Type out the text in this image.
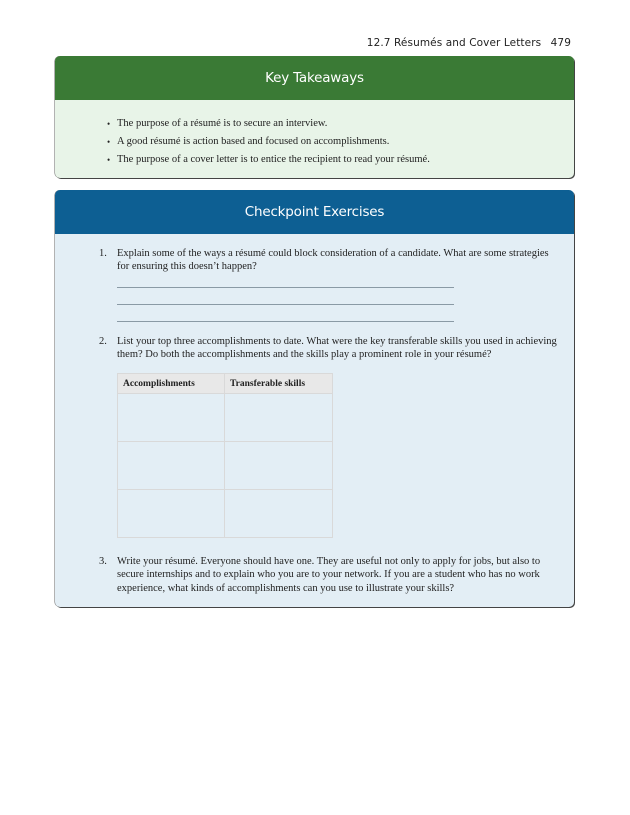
12.7 Résumés and Cover Letters 479
Key Takeaways
• The purpose of a résumé is to secure an interview.
• A good résumé is action based and focused on accomplishments.
• The purpose of a cover letter is to entice the recipient to read your résumé.
Checkpoint Exercises
1. Explain some of the ways a résumé could block consideration of a candidate. What are some strategies for ensuring this doesn’t happen?
2. List your top three accomplishments to date. What were the key transferable skills you used in achieving them? Do both the accomplishments and the skills play a prominent role in your résumé?
Accomplishments	Transferable skills

3. Write your résumé. Everyone should have one. They are useful not only to apply for jobs, but also to secure internships and to explain who you are to your network. If you are a student who has no work experience, what kinds of accomplishments can you use to illustrate your skills?
